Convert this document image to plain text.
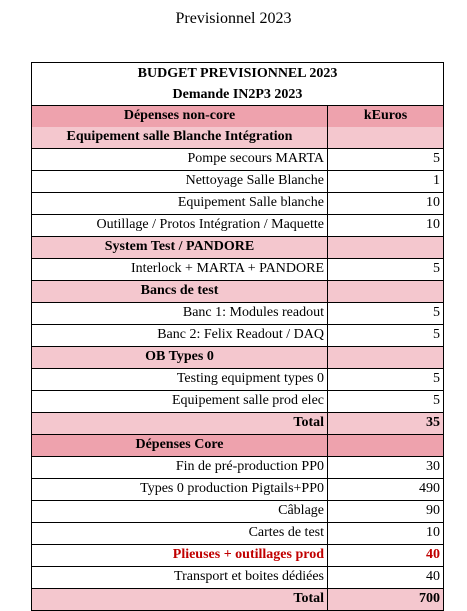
Previsionnel 2023
BUDGET PREVISIONNEL 2023
Demande IN2P3 2023
Dépenses non-core	kEuros
Equipement salle Blanche Intégration
Pompe secours MARTA	5
Nettoyage Salle Blanche	1
Equipement Salle blanche	10
Outillage / Protos Intégration / Maquette	10
System Test / PANDORE
Interlock + MARTA + PANDORE	5
Bancs de test
Banc 1: Modules readout	5
Banc 2: Felix Readout / DAQ	5
OB Types 0
Testing equipment types 0	5
Equipement salle prod elec	5
Total	35
Dépenses Core
Fin de pré-production PP0	30
Types 0 production Pigtails+PP0	490
Câblage	90
Cartes de test	10
Plieuses + outillages prod	40
Transport et boites dédiées	40
Total	700
